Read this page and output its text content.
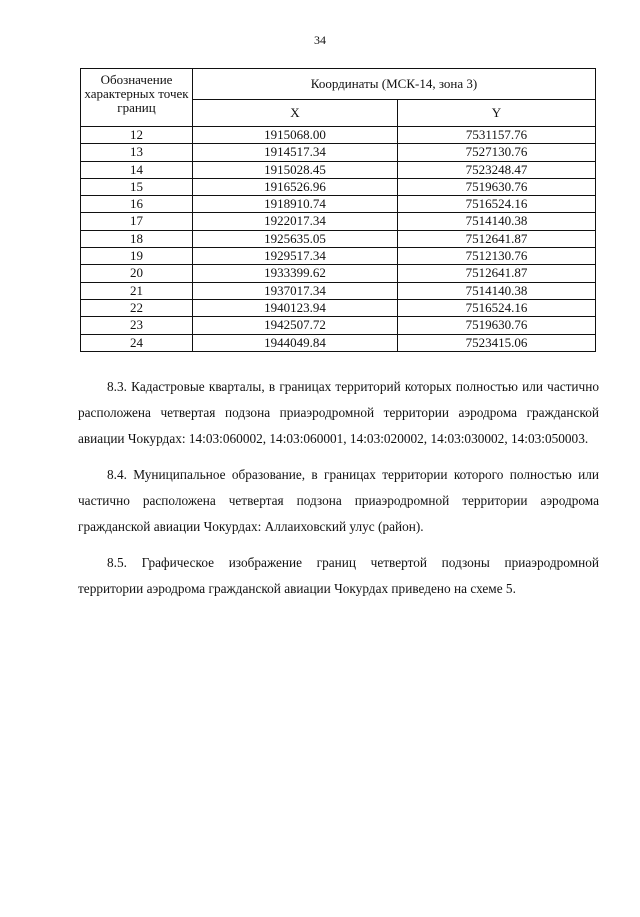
34
Обозначение характерных точек границ	Координаты (МСК-14, зона 3)	
	X	Y
12	1915068.00	7531157.76
13	1914517.34	7527130.76
14	1915028.45	7523248.47
15	1916526.96	7519630.76
16	1918910.74	7516524.16
17	1922017.34	7514140.38
18	1925635.05	7512641.87
19	1929517.34	7512130.76
20	1933399.62	7512641.87
21	1937017.34	7514140.38
22	1940123.94	7516524.16
23	1942507.72	7519630.76
24	1944049.84	7523415.06

8.3. Кадастровые кварталы, в границах территорий которых полностью или частично расположена четвертая подзона приаэродромной территории аэродрома гражданской авиации Чокурдах: 14:03:060002, 14:03:060001, 14:03:020002, 14:03:030002, 14:03:050003.

8.4. Муниципальное образование, в границах территории которого полностью или частично расположена четвертая подзона приаэродромной территории аэродрома гражданской авиации Чокурдах: Аллаиховский улус (район).

8.5. Графическое изображение границ четвертой подзоны приаэродромной территории аэродрома гражданской авиации Чокурдах приведено на схеме 5.
